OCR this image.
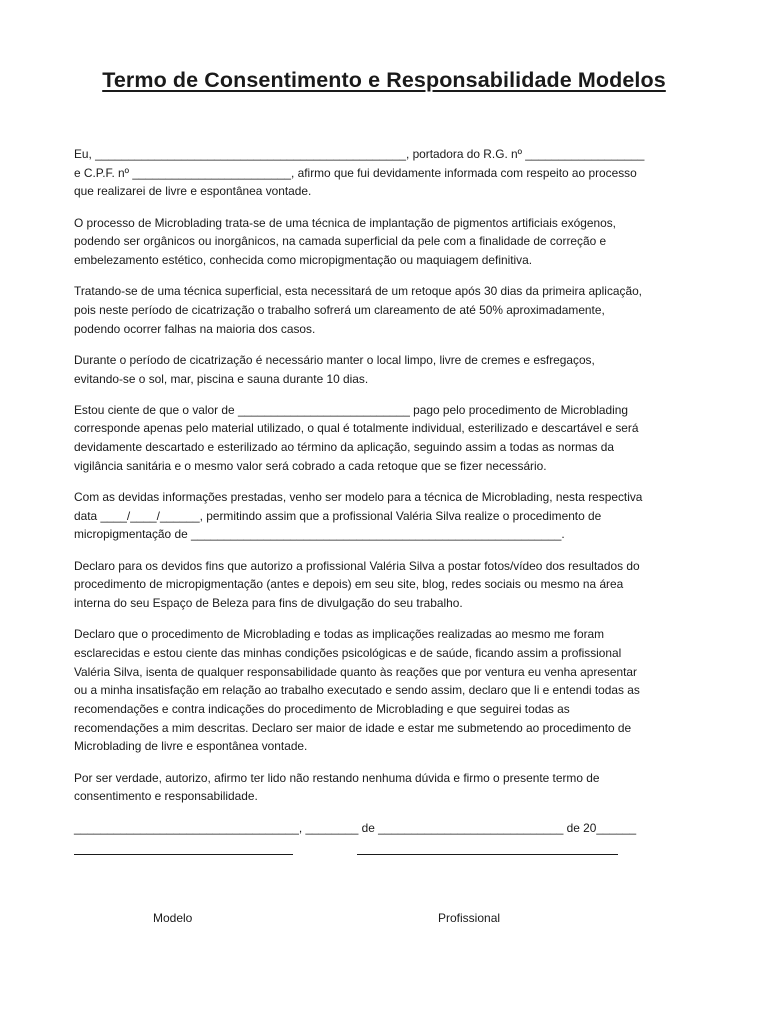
Termo de Consentimento e Responsabilidade Modelos

Eu, _______________________________________________, portadora do R.G. nº __________________
e C.P.F. nº ________________________, afirmo que fui devidamente informada com respeito ao processo
que realizarei de livre e espontânea vontade.

O processo de Microblading trata-se de uma técnica de implantação de pigmentos artificiais exógenos,
podendo ser orgânicos ou inorgânicos, na camada superficial da pele com a finalidade de correção e
embelezamento estético, conhecida como micropigmentação ou maquiagem definitiva.

Tratando-se de uma técnica superficial, esta necessitará de um retoque após 30 dias da primeira aplicação,
pois neste período de cicatrização o trabalho sofrerá um clareamento de até 50% aproximadamente,
podendo ocorrer falhas na maioria dos casos.

Durante o período de cicatrização é necessário manter o local limpo, livre de cremes e esfregaços,
evitando-se o sol, mar, piscina e sauna durante 10 dias.

Estou ciente de que o valor de __________________________ pago pelo procedimento de Microblading
corresponde apenas pelo material utilizado, o qual é totalmente individual, esterilizado e descartável e será
devidamente descartado e esterilizado ao término da aplicação, seguindo assim a todas as normas da
vigilância sanitária e o mesmo valor será cobrado a cada retoque que se fizer necessário.

Com as devidas informações prestadas, venho ser modelo para a técnica de Microblading, nesta respectiva
data ____/____/______, permitindo assim que a profissional Valéria Silva realize o procedimento de
micropigmentação de ________________________________________________________.

Declaro para os devidos fins que autorizo a profissional Valéria Silva a postar fotos/vídeo dos resultados do
procedimento de micropigmentação (antes e depois) em seu site, blog, redes sociais ou mesmo na área
interna do seu Espaço de Beleza para fins de divulgação do seu trabalho.

Declaro que o procedimento de Microblading e todas as implicações realizadas ao mesmo me foram
esclarecidas e estou ciente das minhas condições psicológicas e de saúde, ficando assim a profissional
Valéria Silva, isenta de qualquer responsabilidade quanto às reações que por ventura eu venha apresentar
ou a minha insatisfação em relação ao trabalho executado e sendo assim, declaro que li e entendi todas as
recomendações e contra indicações do procedimento de Microblading e que seguirei todas as
recomendações a mim descritas. Declaro ser maior de idade e estar me submetendo ao procedimento de
Microblading de livre e espontânea vontade.

Por ser verdade, autorizo, afirmo ter lido não restando nenhuma dúvida e firmo o presente termo de
consentimento e responsabilidade.

__________________________________, ________ de ____________________________ de 20______

Modelo	Profissional
